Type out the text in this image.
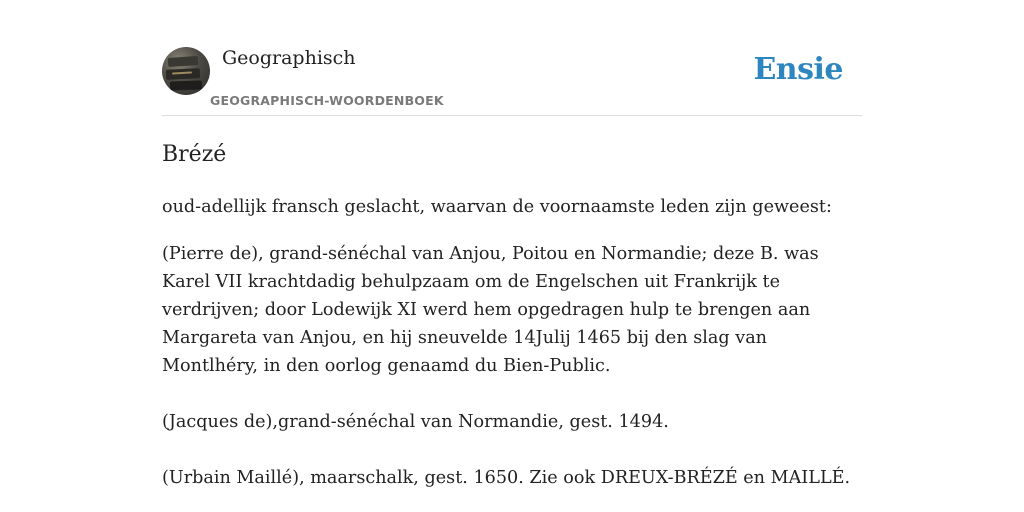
Geographisch
GEOGRAPHISCH-WOORDENBOEK
Ensie
Brézé

oud-adellijk fransch geslacht, waarvan de voornaamste leden zijn geweest:

(Pierre de), grand-sénéchal van Anjou, Poitou en Normandie; deze B. was Karel VII krachtdadig behulpzaam om de Engelschen uit Frankrijk te verdrijven; door Lodewijk XI werd hem opgedragen hulp te brengen aan Margareta van Anjou, en hij sneuvelde 14Julij 1465 bij den slag van Montlhéry, in den oorlog genaamd du Bien-Public.

(Jacques de),grand-sénéchal van Normandie, gest. 1494.

(Urbain Maillé), maarschalk, gest. 1650. Zie ook DREUX-BRÉZÉ en MAILLÉ.
